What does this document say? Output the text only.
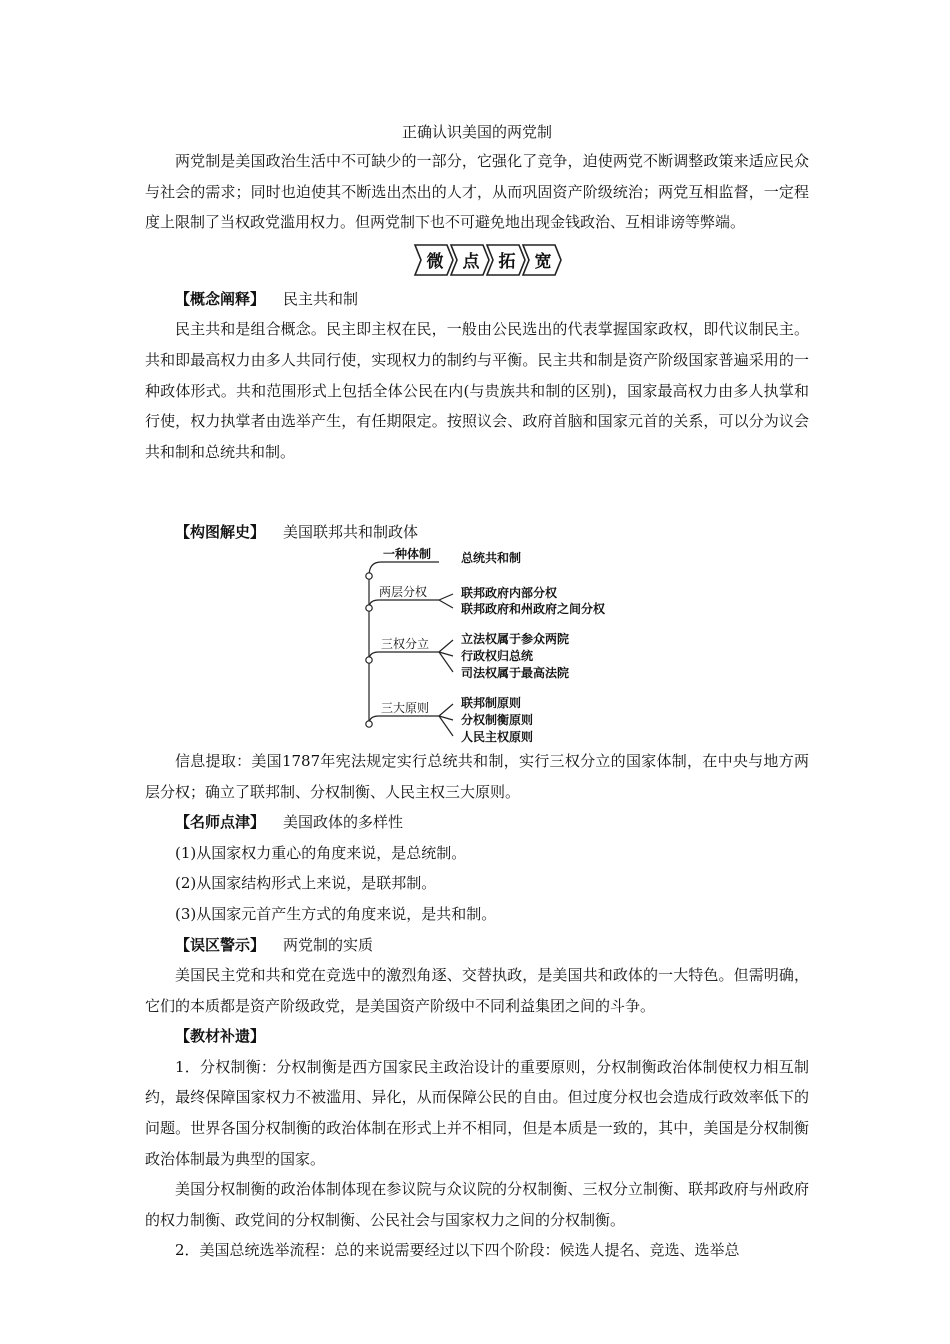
正确认识美国的两党制

两党制是美国政治生活中不可缺少的一部分，它强化了竞争，迫使两党不断调整政策来适应民众与社会的需求；同时也迫使其不断选出杰出的人才，从而巩固资产阶级统治；两党互相监督，一定程度上限制了当权政党滥用权力。但两党制下也不可避免地出现金钱政治、互相诽谤等弊端。

微 点 拓 宽

【概念阐释】 民主共和制

民主共和是组合概念。民主即主权在民，一般由公民选出的代表掌握国家政权，即代议制民主。共和即最高权力由多人共同行使，实现权力的制约与平衡。民主共和制是资产阶级国家普遍采用的一种政体形式。共和范围形式上包括全体公民在内(与贵族共和制的区别)，国家最高权力由多人执掌和行使，权力执掌者由选举产生，有任期限定。按照议会、政府首脑和国家元首的关系，可以分为议会共和制和总统共和制。

【构图解史】 美国联邦共和制政体

一种体制
两层分权
三权分立
三大原则
总统共和制
联邦政府内部分权
联邦政府和州政府之间分权
立法权属于参众两院
行政权归总统
司法权属于最高法院
联邦制原则
分权制衡原则
人民主权原则

信息提取：美国1787年宪法规定实行总统共和制，实行三权分立的国家体制，在中央与地方两层分权；确立了联邦制、分权制衡、人民主权三大原则。

【名师点津】 美国政体的多样性

(1)从国家权力重心的角度来说，是总统制。

(2)从国家结构形式上来说，是联邦制。

(3)从国家元首产生方式的角度来说，是共和制。

【误区警示】 两党制的实质

美国民主党和共和党在竞选中的激烈角逐、交替执政，是美国共和政体的一大特色。但需明确，它们的本质都是资产阶级政党，是美国资产阶级中不同利益集团之间的斗争。

【教材补遗】

1．分权制衡：分权制衡是西方国家民主政治设计的重要原则，分权制衡政治体制使权力相互制约，最终保障国家权力不被滥用、异化，从而保障公民的自由。但过度分权也会造成行政效率低下的问题。世界各国分权制衡的政治体制在形式上并不相同，但是本质是一致的，其中，美国是分权制衡政治体制最为典型的国家。

美国分权制衡的政治体制体现在参议院与众议院的分权制衡、三权分立制衡、联邦政府与州政府的权力制衡、政党间的分权制衡、公民社会与国家权力之间的分权制衡。

2．美国总统选举流程：总的来说需要经过以下四个阶段：候选人提名、竞选、选举总
